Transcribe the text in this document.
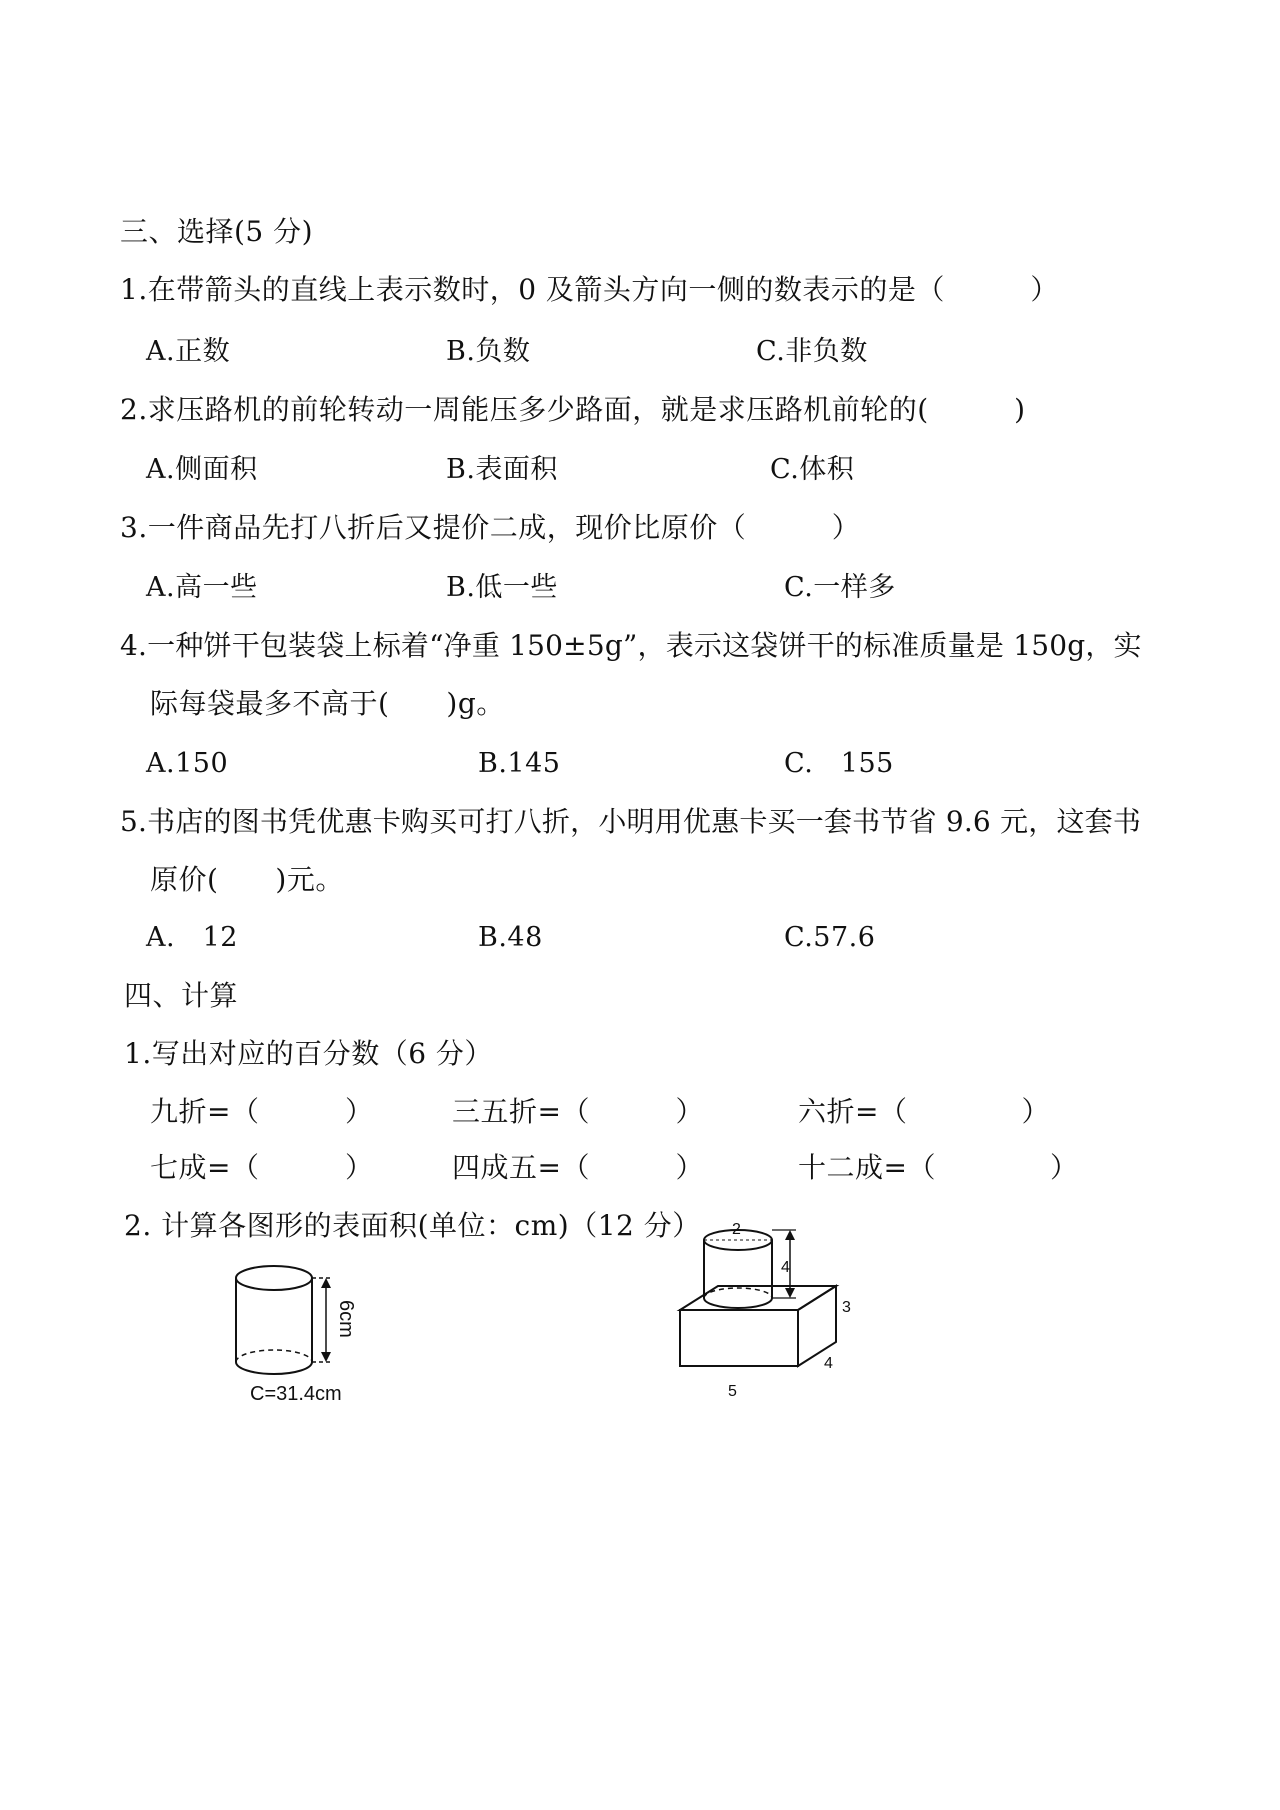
三、选择(5 分)
1.在带箭头的直线上表示数时，0 及箭头方向一侧的数表示的是（　　　）
A.正数	B.负数	C.非负数
2.求压路机的前轮转动一周能压多少路面，就是求压路机前轮的(　　　)
A.侧面积	B.表面积	C.体积
3.一件商品先打八折后又提价二成，现价比原价（　　　）
A.高一些	B.低一些	C.一样多
4.一种饼干包装袋上标着“净重 150±5g”，表示这袋饼干的标准质量是 150g，实
际每袋最多不高于(　　)g。
A.150	B.145	C.　155
5.书店的图书凭优惠卡购买可打八折，小明用优惠卡买一套书节省 9.6 元，这套书
原价(　　)元。
A.　12	B.48	C.57.6
四、计算
1.写出对应的百分数（6 分）
九折=（　　　）	三五折=（　　　）	六折=（　　　　）
七成=（　　　）	四成五=（　　　）	十二成=（　　　　）
2. 计算各图形的表面积(单位：cm)（12 分）
6cm
C=31.4cm
2
4
3
4
5
